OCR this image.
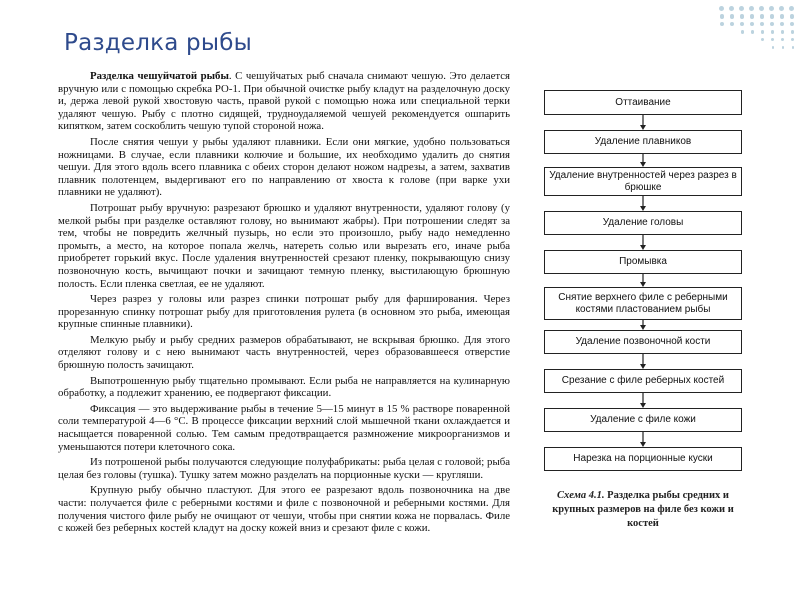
Разделка рыбы

Разделка чешуйчатой рыбы. С чешуйчатых рыб сначала снимают чешую. Это делается вручную или с помощью скребка РО-1. При обычной очистке рыбу кладут на разделочную доску и, держа левой рукой хвостовую часть, правой рукой с помощью ножа или специальной терки удаляют чешую. Рыбу с плотно сидящей, трудноудаляемой чешуей рекомендуется ошпарить кипятком, затем соскоблить чешую тупой стороной ножа.

После снятия чешуи у рыбы удаляют плавники. Если они мягкие, удобно пользоваться ножницами. В случае, если плавники колючие и большие, их необходимо удалить до снятия чешуи. Для этого вдоль всего плавника с обеих сторон делают ножом надрезы, а затем, захватив плавник полотенцем, выдергивают его по направлению от хвоста к голове (при варке ухи плавники не удаляют).

Потрошат рыбу вручную: разрезают брюшко и удаляют внутренности, удаляют голову (у мелкой рыбы при разделке оставляют голову, но вынимают жабры). При потрошении следят за тем, чтобы не повредить желчный пузырь, но если это произошло, рыбу надо немедленно промыть, а место, на которое попала желчь, натереть солью или вырезать его, иначе рыба приобретет горький вкус. После удаления внутренностей срезают пленку, покрывающую снизу позвоночную кость, вычищают почки и зачищают темную пленку, выстилающую брюшную полость. Если пленка светлая, ее не удаляют.

Через разрез у головы или разрез спинки потрошат рыбу для фарширования. Через прорезанную спинку потрошат рыбу для приготовления рулета (в основном это рыба, имеющая крупные спинные плавники).

Мелкую рыбу и рыбу средних размеров обрабатывают, не вскрывая брюшко. Для этого отделяют голову и с нею вынимают часть внутренностей, через образовавшееся отверстие брюшную полость зачищают.

Выпотрошенную рыбу тщательно промывают. Если рыба не направляется на кулинарную обработку, а подлежит хранению, ее подвергают фиксации.

Фиксация — это выдерживание рыбы в течение 5—15 минут в 15 % растворе поваренной соли температурой 4—6 °С. В процессе фиксации верхний слой мышечной ткани охлаждается и насыщается поваренной солью. Тем самым предотвращается размножение микроорганизмов и уменьшаются потери клеточного сока.

Из потрошеной рыбы получаются следующие полуфабрикаты: рыба целая с головой; рыба целая без головы (тушка). Тушку затем можно разделать на порционные куски — кругляши.

Крупную рыбу обычно пластуют. Для этого ее разрезают вдоль позвоночника на две части: получается филе с реберными костями и филе с позвоночной и реберными костями. Для получения чистого филе рыбу не очищают от чешуи, чтобы при снятии кожа не порвалась. Филе с кожей без реберных костей кладут на доску кожей вниз и срезают филе с кожи.

Оттаивание
Удаление плавников
Удаление внутренностей через разрез в брюшке
Удаление головы
Промывка
Снятие верхнего филе с реберными костями пластованием рыбы
Удаление позвоночной кости
Срезание с филе реберных костей
Удаление с филе кожи
Нарезка на порционные куски
Схема 4.1. Разделка рыбы средних и крупных размеров на филе без кожи и костей
